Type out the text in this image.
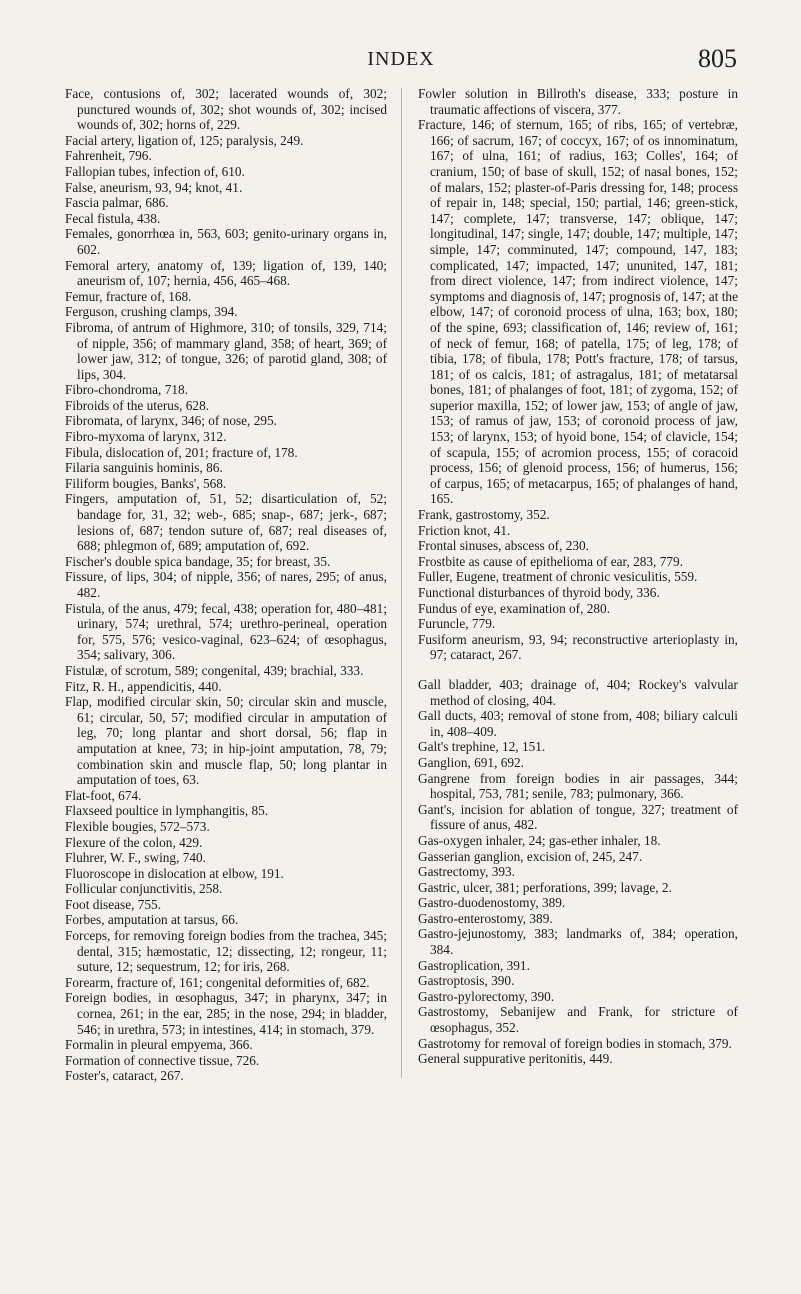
INDEX	805

Face, contusions of, 302; lacerated wounds of, 302; punctured wounds of, 302; shot wounds of, 302; incised wounds of, 302; horns of, 229.

Facial artery, ligation of, 125; paralysis, 249.

Fahrenheit, 796.

Fallopian tubes, infection of, 610.

False, aneurism, 93, 94; knot, 41.

Fascia palmar, 686.

Fecal fistula, 438.

Females, gonorrhœa in, 563, 603; genito-urinary organs in, 602.

Femoral artery, anatomy of, 139; ligation of, 139, 140; aneurism of, 107; hernia, 456, 465–468.

Femur, fracture of, 168.

Ferguson, crushing clamps, 394.

Fibroma, of antrum of Highmore, 310; of tonsils, 329, 714; of nipple, 356; of mammary gland, 358; of heart, 369; of lower jaw, 312; of tongue, 326; of parotid gland, 308; of lips, 304.

Fibro-chondroma, 718.

Fibroids of the uterus, 628.

Fibromata, of larynx, 346; of nose, 295.

Fibro-myxoma of larynx, 312.

Fibula, dislocation of, 201; fracture of, 178.

Filaria sanguinis hominis, 86.

Filiform bougies, Banks', 568.

Fingers, amputation of, 51, 52; disarticulation of, 52; bandage for, 31, 32; web-, 685; snap-, 687; jerk-, 687; lesions of, 687; tendon suture of, 687; real diseases of, 688; phlegmon of, 689; amputation of, 692.

Fischer's double spica bandage, 35; for breast, 35.

Fissure, of lips, 304; of nipple, 356; of nares, 295; of anus, 482.

Fistula, of the anus, 479; fecal, 438; operation for, 480–481; urinary, 574; urethral, 574; urethro-perineal, operation for, 575, 576; vesico-vaginal, 623–624; of œsophagus, 354; salivary, 306.

Fistulæ, of scrotum, 589; congenital, 439; brachial, 333.

Fitz, R. H., appendicitis, 440.

Flap, modified circular skin, 50; circular skin and muscle, 61; circular, 50, 57; modified circular in amputation of leg, 70; long plantar and short dorsal, 56; flap in amputation at knee, 73; in hip-joint amputation, 78, 79; combination skin and muscle flap, 50; long plantar in amputation of toes, 63.

Flat-foot, 674.

Flaxseed poultice in lymphangitis, 85.

Flexible bougies, 572–573.

Flexure of the colon, 429.

Fluhrer, W. F., swing, 740.

Fluoroscope in dislocation at elbow, 191.

Follicular conjunctivitis, 258.

Foot disease, 755.

Forbes, amputation at tarsus, 66.

Forceps, for removing foreign bodies from the trachea, 345; dental, 315; hæmostatic, 12; dissecting, 12; rongeur, 11; suture, 12; sequestrum, 12; for iris, 268.

Forearm, fracture of, 161; congenital deformities of, 682.

Foreign bodies, in œsophagus, 347; in pharynx, 347; in cornea, 261; in the ear, 285; in the nose, 294; in bladder, 546; in urethra, 573; in intestines, 414; in stomach, 379.

Formalin in pleural empyema, 366.

Formation of connective tissue, 726.

Foster's, cataract, 267.

Fowler solution in Billroth's disease, 333; posture in traumatic affections of viscera, 377.

Fracture, 146; of sternum, 165; of ribs, 165; of vertebræ, 166; of sacrum, 167; of coccyx, 167; of os innominatum, 167; of ulna, 161; of radius, 163; Colles', 164; of cranium, 150; of base of skull, 152; of nasal bones, 152; of malars, 152; plaster-of-Paris dressing for, 148; process of repair in, 148; special, 150; partial, 146; green-stick, 147; complete, 147; transverse, 147; oblique, 147; longitudinal, 147; single, 147; double, 147; multiple, 147; simple, 147; comminuted, 147; compound, 147, 183; complicated, 147; impacted, 147; ununited, 147, 181; from direct violence, 147; from indirect violence, 147; symptoms and diagnosis of, 147; prognosis of, 147; at the elbow, 147; of coronoid process of ulna, 163; box, 180; of the spine, 693; classification of, 146; review of, 161; of neck of femur, 168; of patella, 175; of leg, 178; of tibia, 178; of fibula, 178; Pott's fracture, 178; of tarsus, 181; of os calcis, 181; of astragalus, 181; of metatarsal bones, 181; of phalanges of foot, 181; of zygoma, 152; of superior maxilla, 152; of lower jaw, 153; of angle of jaw, 153; of ramus of jaw, 153; of coronoid process of jaw, 153; of larynx, 153; of hyoid bone, 154; of clavicle, 154; of scapula, 155; of acromion process, 155; of coracoid process, 156; of glenoid process, 156; of humerus, 156; of carpus, 165; of metacarpus, 165; of phalanges of hand, 165.

Frank, gastrostomy, 352.

Friction knot, 41.

Frontal sinuses, abscess of, 230.

Frostbite as cause of epithelioma of ear, 283, 779.

Fuller, Eugene, treatment of chronic vesiculitis, 559.

Functional disturbances of thyroid body, 336.

Fundus of eye, examination of, 280.

Furuncle, 779.

Fusiform aneurism, 93, 94; reconstructive arterioplasty in, 97; cataract, 267.

Gall bladder, 403; drainage of, 404; Rockey's valvular method of closing, 404.

Gall ducts, 403; removal of stone from, 408; biliary calculi in, 408–409.

Galt's trephine, 12, 151.

Ganglion, 691, 692.

Gangrene from foreign bodies in air passages, 344; hospital, 753, 781; senile, 783; pulmonary, 366.

Gant's, incision for ablation of tongue, 327; treatment of fissure of anus, 482.

Gas-oxygen inhaler, 24; gas-ether inhaler, 18.

Gasserian ganglion, excision of, 245, 247.

Gastrectomy, 393.

Gastric, ulcer, 381; perforations, 399; lavage, 2.

Gastro-duodenostomy, 389.

Gastro-enterostomy, 389.

Gastro-jejunostomy, 383; landmarks of, 384; operation, 384.

Gastroplication, 391.

Gastroptosis, 390.

Gastro-pylorectomy, 390.

Gastrostomy, Sebanijew and Frank, for stricture of œsophagus, 352.

Gastrotomy for removal of foreign bodies in stomach, 379.

General suppurative peritonitis, 449.
